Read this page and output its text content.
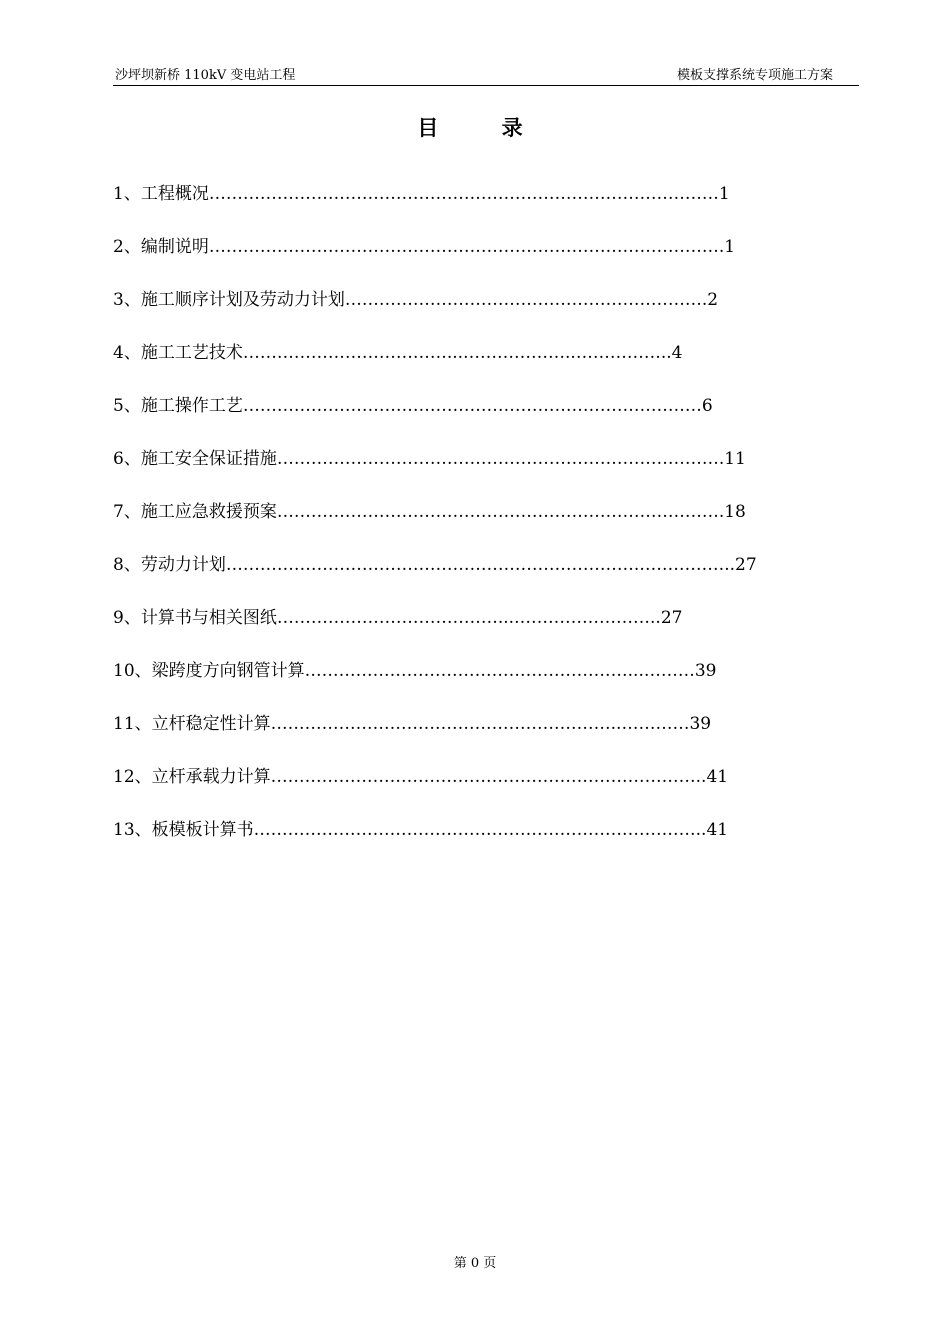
沙坪坝新桥 110kV 变电站工程	模板支撑系统专项施工方案
目 录
1、工程概况………………………………………………………………………………1
2、编制说明……………………………………………………………………………….1
3、施工顺序计划及劳动力计划……………………………………………………….2
4、施工工艺技术………………………………...………………..……………..4
5、施工操作工艺………………………………………………………………………6
6、施工安全保证措施…………………………………………………………………….11
7、施工应急救援预案…………………………………………………………………….18
8、劳动力计划……………………………………………………………….……………..27
9、计算书与相关图纸…………………………………...……………………..27
10、梁跨度方向钢管计算…………………………………………………...………39
11、立杆稳定性计算……………………………………………………..…………39
12、立杆承载力计算…………………………………………………………………..41
13、板模板计算书……………………………………………………………………..41
第 0 页
